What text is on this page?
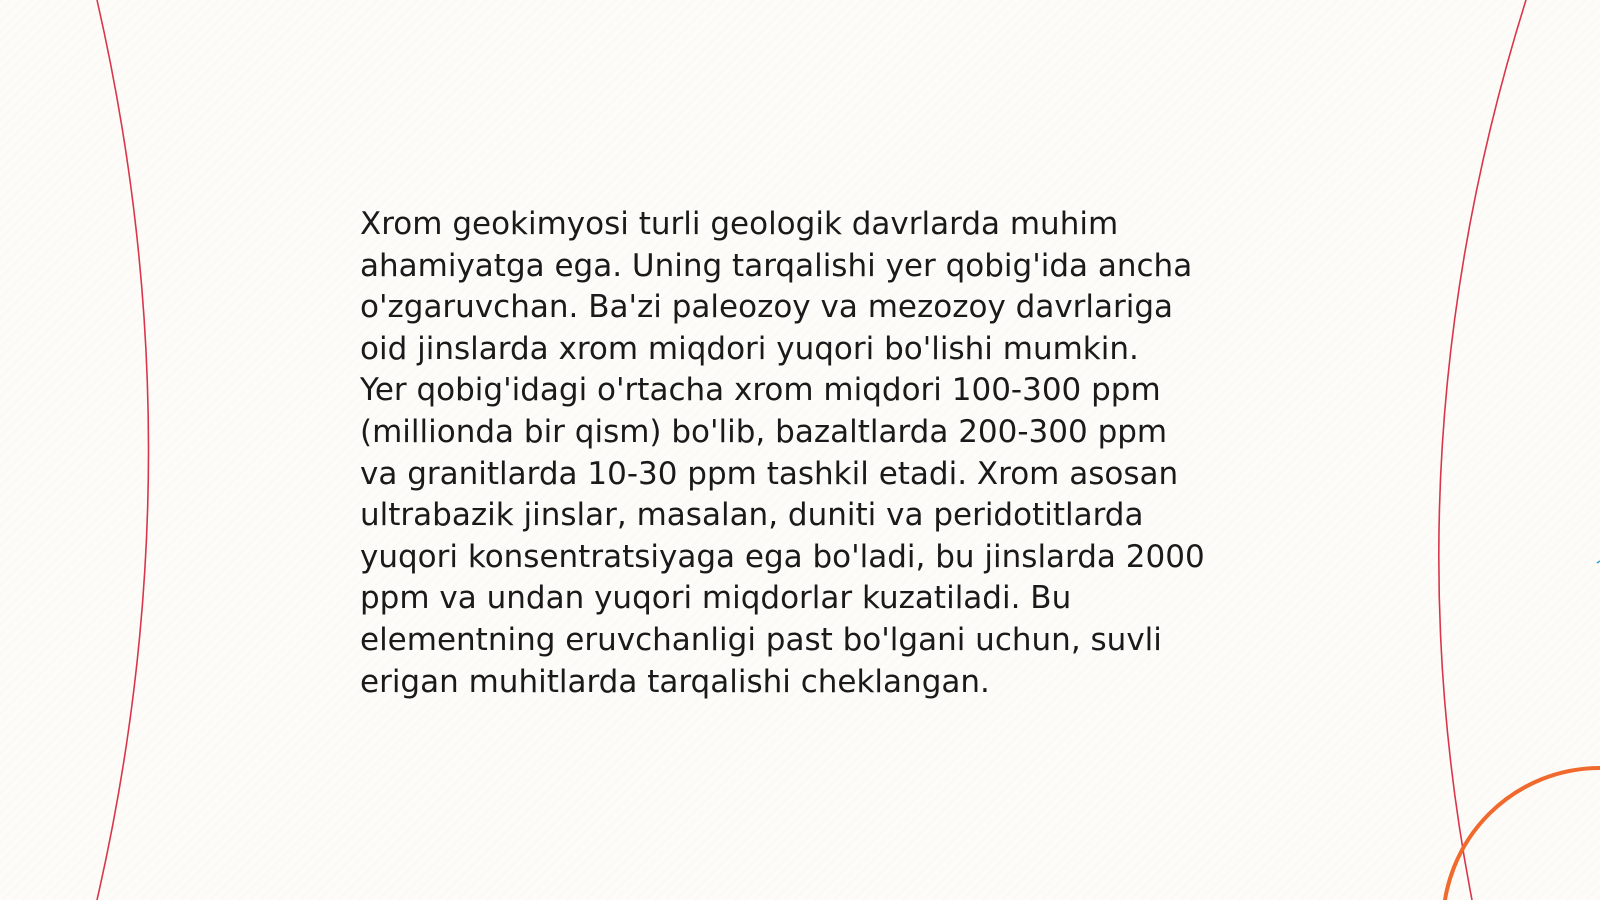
Xrom geokimyosi turli geologik davrlarda muhim
ahamiyatga ega. Uning tarqalishi yer qobig'ida ancha
o'zgaruvchan. Ba'zi paleozoy va mezozoy davrlariga
oid jinslarda xrom miqdori yuqori bo'lishi mumkin.
Yer qobig'idagi o'rtacha xrom miqdori 100-300 ppm
(millionda bir qism) bo'lib, bazaltlarda 200-300 ppm
va granitlarda 10-30 ppm tashkil etadi. Xrom asosan
ultrabazik jinslar, masalan, duniti va peridotitlarda
yuqori konsentratsiyaga ega bo'ladi, bu jinslarda 2000
ppm va undan yuqori miqdorlar kuzatiladi. Bu
elementning eruvchanligi past bo'lgani uchun, suvli
erigan muhitlarda tarqalishi cheklangan.
